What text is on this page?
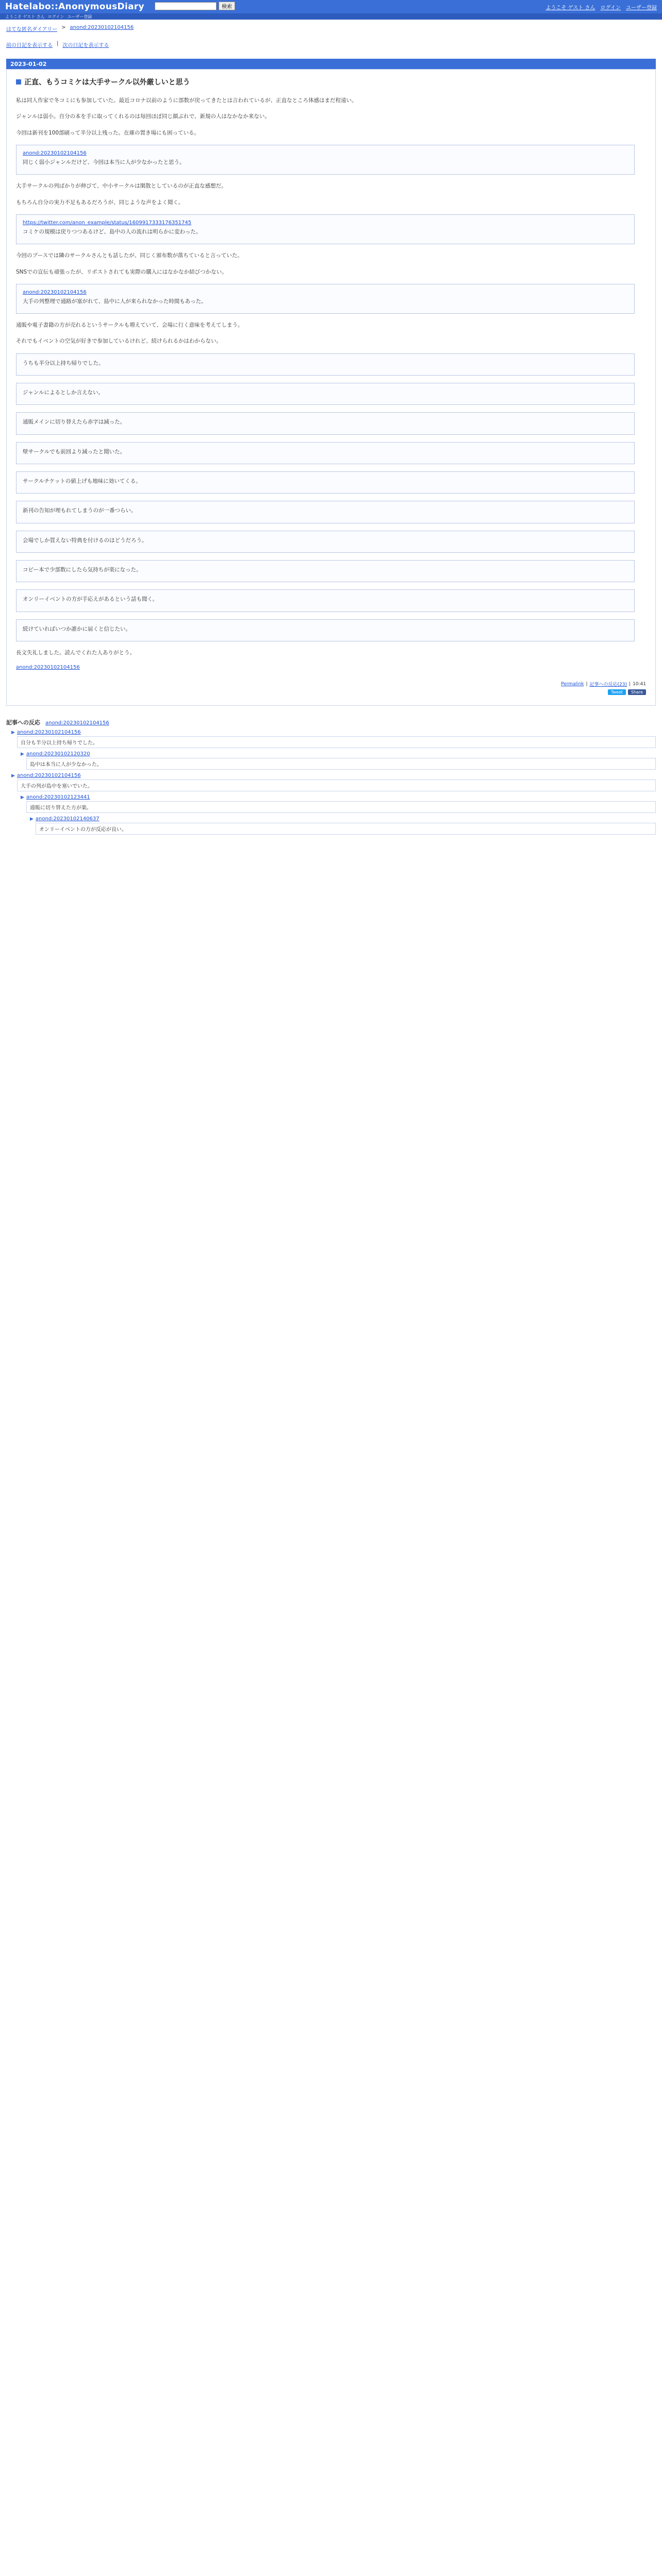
Hatelabo::AnonymousDiary	検索	ようこそ ゲスト さん ログイン ユーザー登録
ようこそ ゲスト さん ログイン ユーザー登録
はてな匿名ダイアリー > anond:20230102104156
前の日記を表示する | 次の日記を表示する
2023-01-02
正直、もうコミケは大手サークル以外厳しいと思う

私は同人作家で冬コミにも参加していた。最近コロナ以前のように部数が戻ってきたとは言われているが、正直なところ体感はまだ程遠い。

ジャンルは弱小。自分の本を手に取ってくれるのは毎回ほぼ同じ顔ぶれで、新規の人はなかなか来ない。

今回は新刊を100部刷って半分以上残った。在庫の置き場にも困っている。

anond:20230102104156

同じく弱小ジャンルだけど、今回は本当に人が少なかったと思う。

大手サークルの列ばかりが伸びて、中小サークルは閑散としているのが正直な感想だ。

もちろん自分の実力不足もあるだろうが、同じような声をよく聞く。

https://twitter.com/anon_example/status/1609917333176351745

コミケの規模は戻りつつあるけど、島中の人の流れは明らかに変わった。

今回のブースでは隣のサークルさんとも話したが、同じく頒布数が落ちていると言っていた。

SNSでの宣伝も頑張ったが、リポストされても実際の購入にはなかなか結びつかない。

anond:20230102104156

大手の列整理で通路が塞がれて、島中に人が来られなかった時間もあった。

通販や電子書籍の方が売れるというサークルも増えていて、会場に行く意味を考えてしまう。

それでもイベントの空気が好きで参加しているけれど、続けられるかはわからない。

うちも半分以上持ち帰りでした。

ジャンルによるとしか言えない。

通販メインに切り替えたら赤字は減った。

壁サークルでも前回より減ったと聞いた。

サークルチケットの値上げも地味に効いてくる。

新刊の告知が埋もれてしまうのが一番つらい。

会場でしか買えない特典を付けるのはどうだろう。

コピー本で少部数にしたら気持ちが楽になった。

オンリーイベントの方が手応えがあるという話も聞く。

続けていればいつか誰かに届くと信じたい。

長文失礼しました。読んでくれた人ありがとう。

anond:20230102104156
Permalink | 記事への反応(23) | 10:41
Tweet	Share
記事への反応 anond:20230102104156
▶ anond:20230102104156
自分も半分以上持ち帰りでした。
▶ anond:20230102120320
島中は本当に人が少なかった。
▶ anond:20230102104156
大手の列が島中を塞いでいた。
▶ anond:20230102123441
通販に切り替えた方が楽。
▶ anond:20230102140637
オンリーイベントの方が反応が良い。
